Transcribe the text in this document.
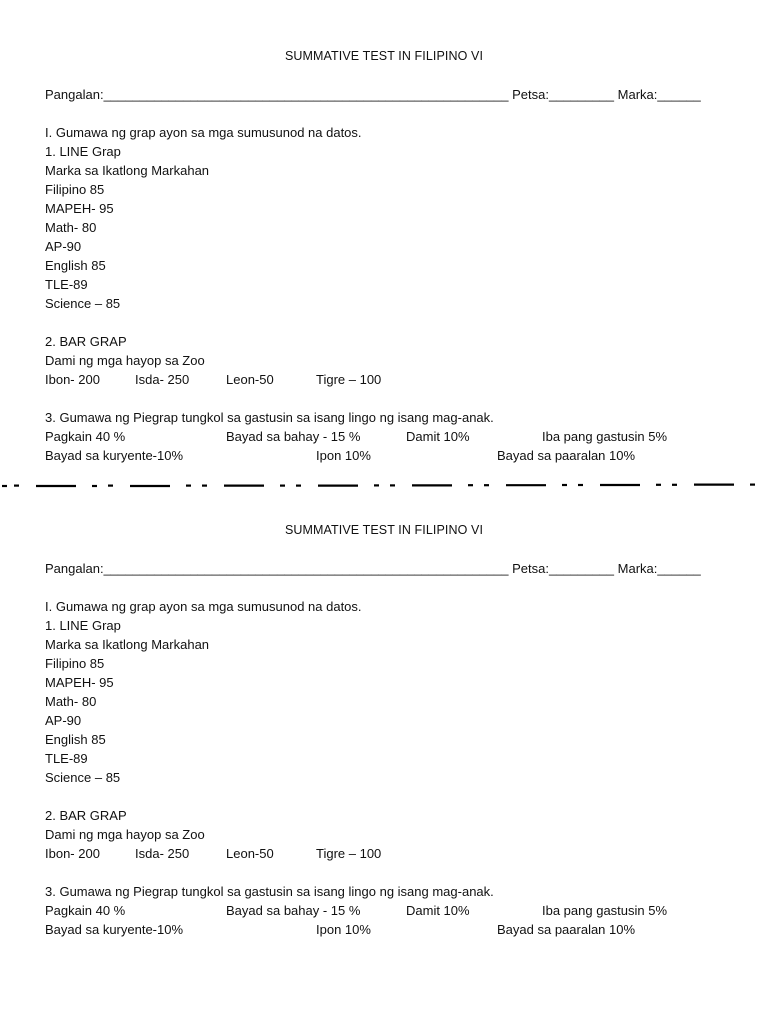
SUMMATIVE TEST IN FILIPINO VI
Pangalan:________________________________________________________ Petsa:_________ Marka:______
I. Gumawa ng grap ayon sa mga sumusunod na datos.
1. LINE Grap
Marka sa Ikatlong Markahan
Filipino 85
MAPEH- 95
Math- 80
AP-90
English 85
TLE-89
Science – 85
2. BAR GRAP
Dami ng mga hayop sa Zoo
Ibon- 200	Isda- 250	Leon-50	Tigre – 100
3. Gumawa ng Piegrap tungkol sa gastusin sa isang lingo ng isang mag-anak.
Pagkain 40 %	Bayad sa bahay - 15 %	Damit 10%	Iba pang gastusin 5%
Bayad sa kuryente-10%	Ipon 10%	Bayad sa paaralan 10%
SUMMATIVE TEST IN FILIPINO VI
Pangalan:________________________________________________________ Petsa:_________ Marka:______
I. Gumawa ng grap ayon sa mga sumusunod na datos.
1. LINE Grap
Marka sa Ikatlong Markahan
Filipino 85
MAPEH- 95
Math- 80
AP-90
English 85
TLE-89
Science – 85
2. BAR GRAP
Dami ng mga hayop sa Zoo
Ibon- 200	Isda- 250	Leon-50	Tigre – 100
3. Gumawa ng Piegrap tungkol sa gastusin sa isang lingo ng isang mag-anak.
Pagkain 40 %	Bayad sa bahay - 15 %	Damit 10%	Iba pang gastusin 5%
Bayad sa kuryente-10%	Ipon 10%	Bayad sa paaralan 10%
